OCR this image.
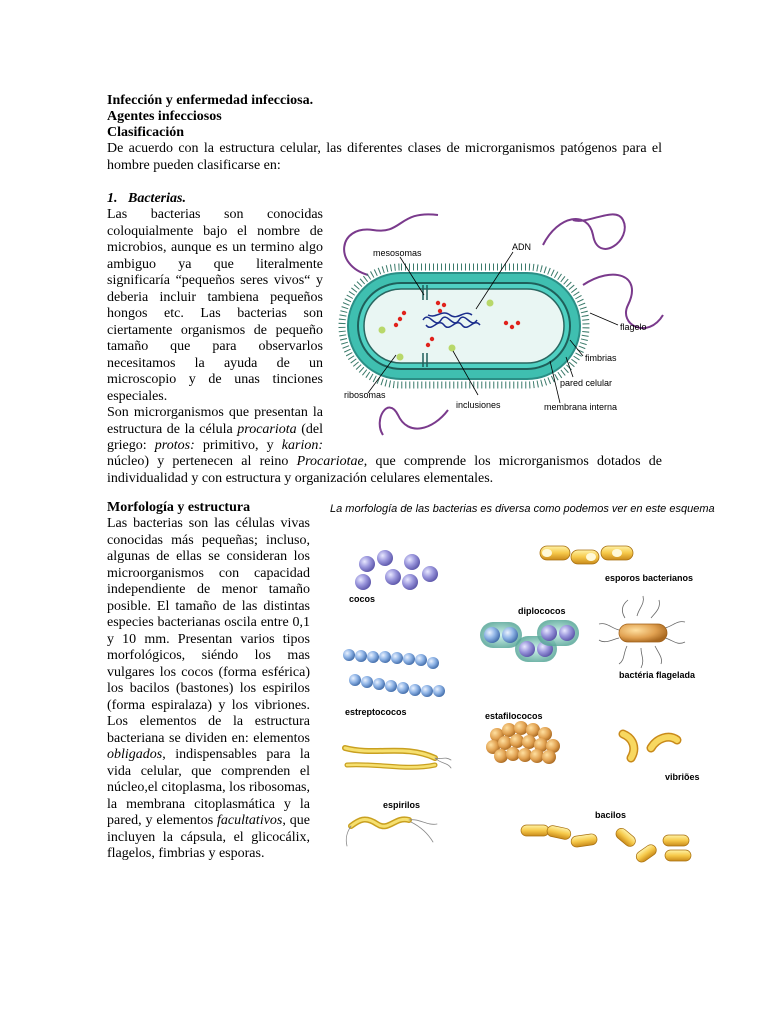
Infección y enfermedad infecciosa.
Agentes infecciosos
Clasificación
De acuerdo con la estructura celular, las diferentes clases de microrganismos patógenos para el
hombre pueden clasificarse en:
1. Bacterias.
Las bacterias son conocidas
coloquialmente bajo el nombre de
microbios, aunque es un termino algo
ambiguo ya que literalmente
significaría “pequeños seres vivos“ y
deberia incluir tambiena pequeños
hongos etc. Las bacterias son
ciertamente organismos de pequeño
tamaño que para observarlos
necesitamos la ayuda de un
microscopio y de unas tinciones
especiales.
Son microrganismos que presentan la
estructura de la célula procariota (del
griego: protos: primitivo, y karion:
núcleo) y pertenecen al reino Procariotae, que comprende los microrganismos dotados de
individualidad y con estructura y organización celulares elementales.
mesosomas
ADN
flagelo
fimbrias
pared celular
ribosomas
inclusiones	membrana interna
Morfología y estructura	La morfología de las bacterias es diversa como podemos ver en este esquema
Las bacterias son las células vivas
conocidas más pequeñas; incluso,
algunas de ellas se consideran los
microorganismos con capacidad
independiente de menor tamaño
posible. El tamaño de las distintas
especies bacterianas oscila entre 0,1
y 10 mm. Presentan varios tipos
morfológicos, siéndo los mas
vulgares los cocos (forma esférica)
los bacilos (bastones) los espirilos
(forma espiralaza) y los vibriones.
Los elementos de la estructura
bacteriana se dividen en: elementos
obligados, indispensables para la
vida celular, que comprenden el
núcleo,el citoplasma, los ribosomas,
la membrana citoplasmática y la
pared, y elementos facultativos, que
incluyen la cápsula, el glicocálix,
flagelos, fimbrias y esporas.
cocos
esporos bacterianos
diplococos
bactéria flagelada
estreptococos	estafilococos
vibriões
espirilos
bacilos
